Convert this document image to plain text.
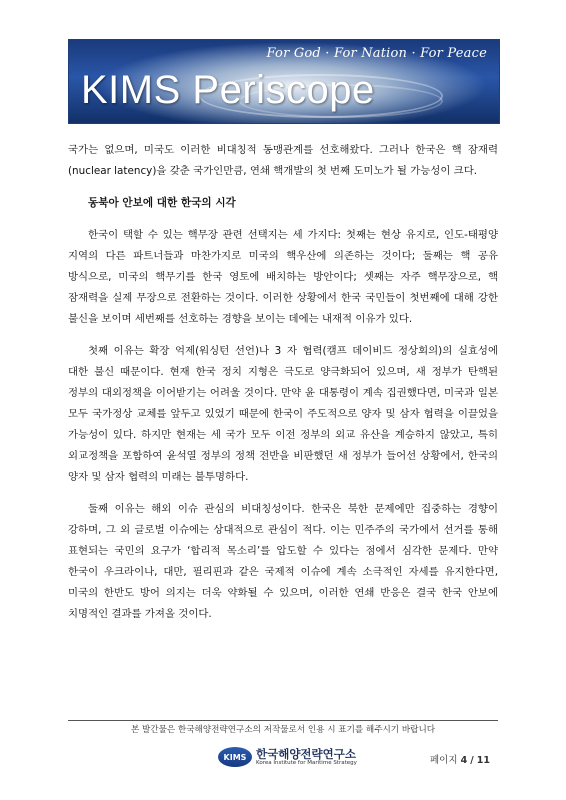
For God · For Nation · For Peace
KIMS Periscope

국가는 없으며, 미국도 이러한 비대칭적 동맹관계를 선호해왔다. 그러나 한국은 핵 잠재력(nuclear latency)을 갖춘 국가인만큼, 연쇄 핵개발의 첫 번째 도미노가 될 가능성이 크다.

동북아 안보에 대한 한국의 시각

한국이 택할 수 있는 핵무장 관련 선택지는 세 가지다: 첫째는 현상 유지로, 인도-태평양 지역의 다른 파트너들과 마찬가지로 미국의 핵우산에 의존하는 것이다; 둘째는 핵 공유 방식으로, 미국의 핵무기를 한국 영토에 배치하는 방안이다; 셋째는 자주 핵무장으로, 핵 잠재력을 실제 무장으로 전환하는 것이다. 이러한 상황에서 한국 국민들이 첫번째에 대해 강한 불신을 보이며 세번째를 선호하는 경향을 보이는 데에는 내재적 이유가 있다.

첫째 이유는 확장 억제(워싱턴 선언)나 3 자 협력(캠프 데이비드 정상회의)의 실효성에 대한 불신 때문이다. 현재 한국 정치 지형은 극도로 양극화되어 있으며, 새 정부가 탄핵된 정부의 대외정책을 이어받기는 어려울 것이다. 만약 윤 대통령이 계속 집권했다면, 미국과 일본 모두 국가정상 교체를 앞두고 있었기 때문에 한국이 주도적으로 양자 및 삼자 협력을 이끌었을 가능성이 있다. 하지만 현재는 세 국가 모두 이전 정부의 외교 유산을 계승하지 않았고, 특히 외교정책을 포함하여 윤석열 정부의 정책 전반을 비판했던 새 정부가 들어선 상황에서, 한국의 양자 및 삼자 협력의 미래는 불투명하다.

둘째 이유는 해외 이슈 관심의 비대칭성이다. 한국은 북한 문제에만 집중하는 경향이 강하며, 그 외 글로벌 이슈에는 상대적으로 관심이 적다. 이는 민주주의 국가에서 선거를 통해 표현되는 국민의 요구가 ‘합리적 목소리’를 압도할 수 있다는 점에서 심각한 문제다. 만약 한국이 우크라이나, 대만, 필리핀과 같은 국제적 이슈에 계속 소극적인 자세를 유지한다면, 미국의 한반도 방어 의지는 더욱 약화될 수 있으며, 이러한 연쇄 반응은 결국 한국 안보에 치명적인 결과를 가져올 것이다.

본 발간물은 한국해양전략연구소의 저작물로서 인용 시 표기를 해주시기 바랍니다
KIMS 한국해양전략연구소
Korea Institute for Maritime Strategy	페이지 4 / 11
